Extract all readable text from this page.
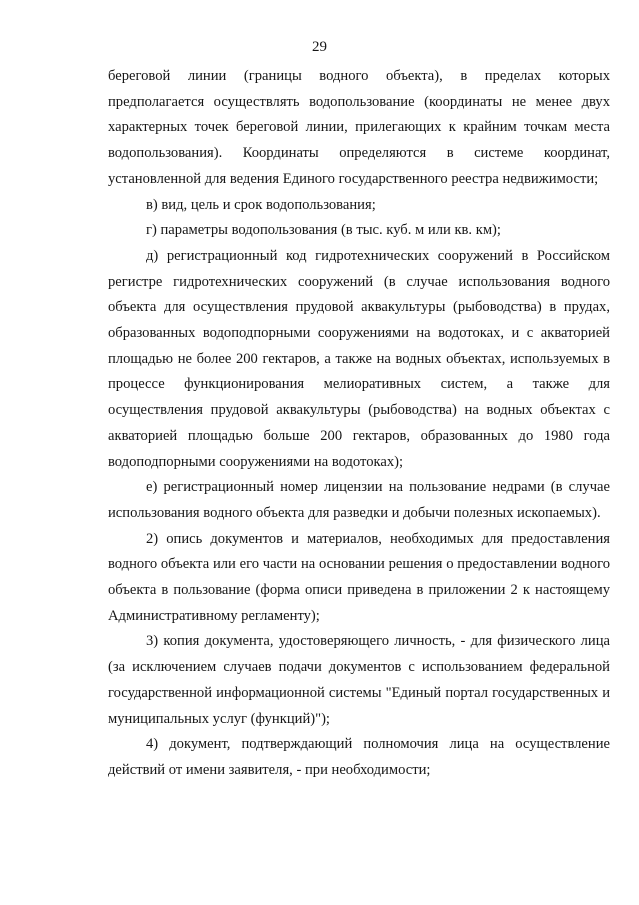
29

береговой линии (границы водного объекта), в пределах которых предполагается осуществлять водопользование (координаты не менее двух характерных точек береговой линии, прилегающих к крайним точкам места водопользования). Координаты определяются в системе координат, установленной для ведения Единого государственного реестра недвижимости;

в) вид, цель и срок водопользования;

г) параметры водопользования (в тыс. куб. м или кв. км);

д) регистрационный код гидротехнических сооружений в Российском регистре гидротехнических сооружений (в случае использования водного объекта для осуществления прудовой аквакультуры (рыбоводства) в прудах, образованных водоподпорными сооружениями на водотоках, и с акваторией площадью не более 200 гектаров, а также на водных объектах, используемых в процессе функционирования мелиоративных систем, а также для осуществления прудовой аквакультуры (рыбоводства) на водных объектах с акваторией площадью больше 200 гектаров, образованных до 1980 года водоподпорными сооружениями на водотоках);

е) регистрационный номер лицензии на пользование недрами (в случае использования водного объекта для разведки и добычи полезных ископаемых).

2) опись документов и материалов, необходимых для предоставления водного объекта или его части на основании решения о предоставлении водного объекта в пользование (форма описи приведена в приложении 2 к настоящему Административному регламенту);

3) копия документа, удостоверяющего личность, - для физического лица (за исключением случаев подачи документов с использованием федеральной государственной информационной системы "Единый портал государственных и муниципальных услуг (функций)");

4) документ, подтверждающий полномочия лица на осуществление действий от имени заявителя, - при необходимости;
